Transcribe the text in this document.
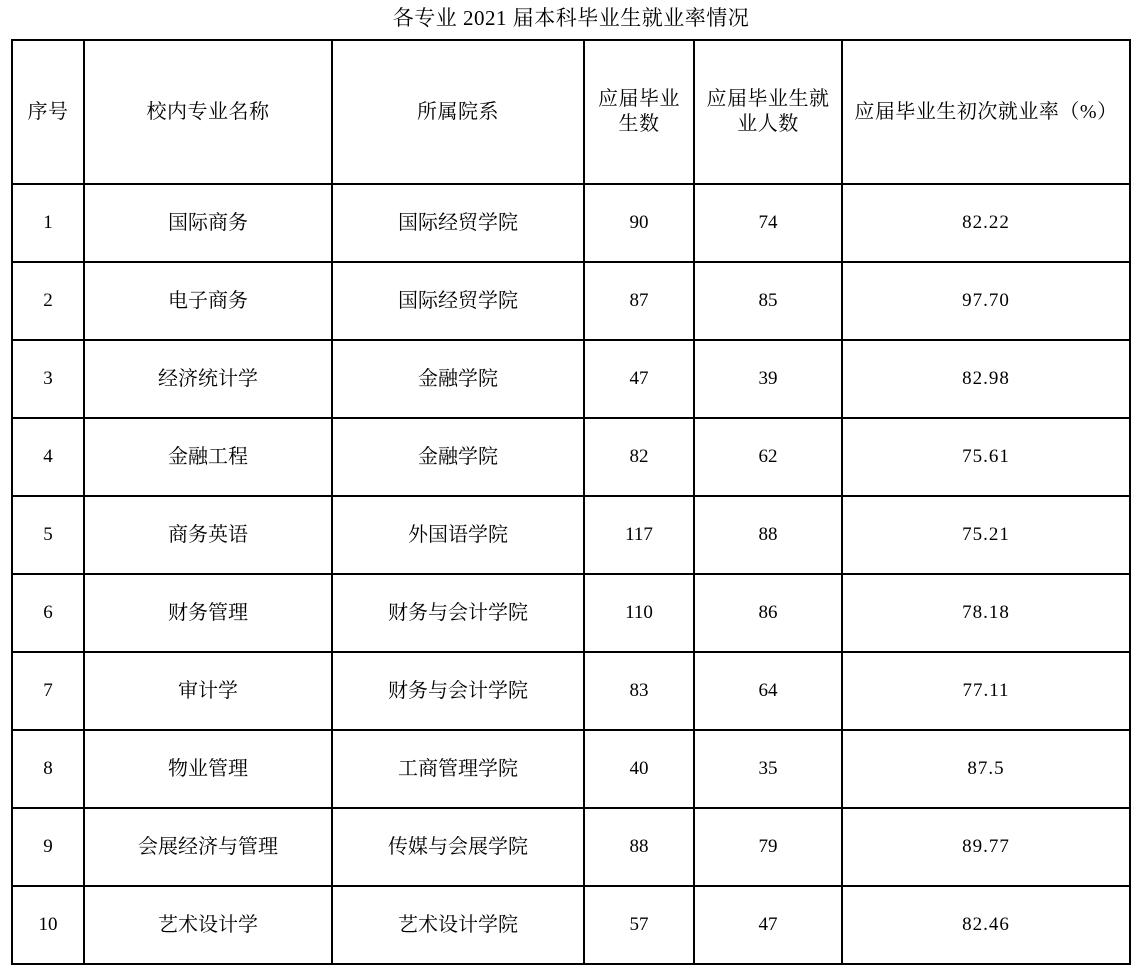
各专业 2021 届本科毕业生就业率情况
序号	校内专业名称	所属院系	应届毕业生数	应届毕业生就业人数	应届毕业生初次就业率（%）
1	国际商务	国际经贸学院	90	74	82.22
2	电子商务	国际经贸学院	87	85	97.70
3	经济统计学	金融学院	47	39	82.98
4	金融工程	金融学院	82	62	75.61
5	商务英语	外国语学院	117	88	75.21
6	财务管理	财务与会计学院	110	86	78.18
7	审计学	财务与会计学院	83	64	77.11
8	物业管理	工商管理学院	40	35	87.5
9	会展经济与管理	传媒与会展学院	88	79	89.77
10	艺术设计学	艺术设计学院	57	47	82.46
